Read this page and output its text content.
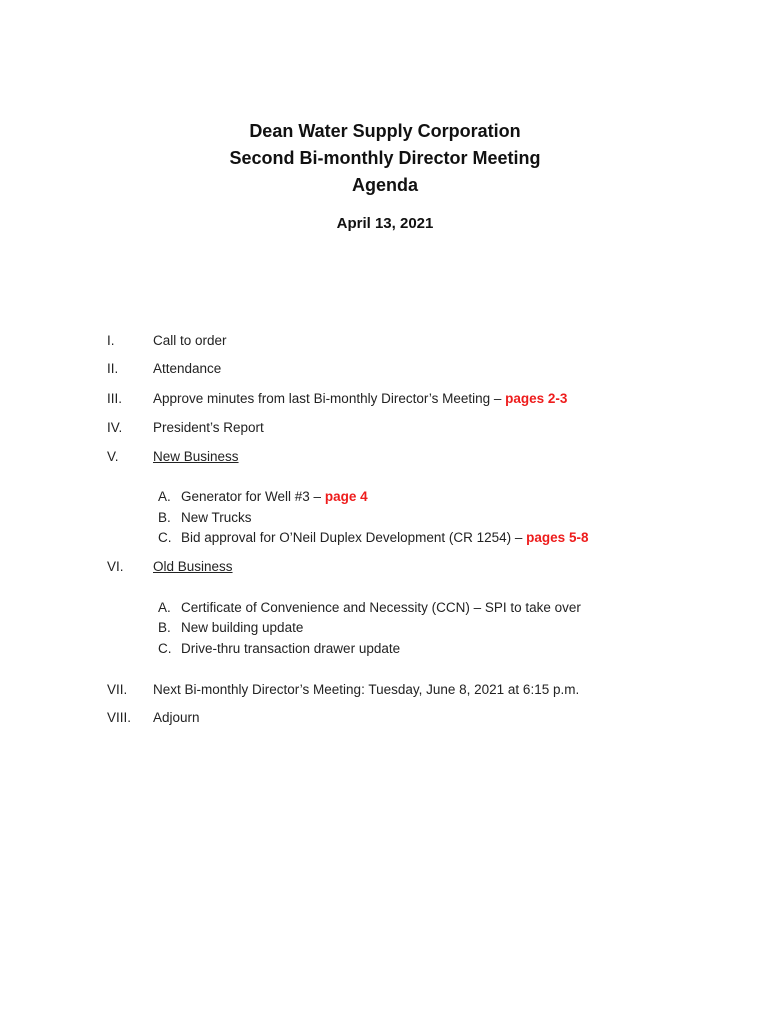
Dean Water Supply Corporation
Second Bi-monthly Director Meeting
Agenda
April 13, 2021
I.	Call to order
II.	Attendance
III. Approve minutes from last Bi-monthly Director’s Meeting – pages 2-3
IV. President’s Report
V.	New Business
A. Generator for Well #3 – page 4
B. New Trucks
C. Bid approval for O’Neil Duplex Development (CR 1254) – pages 5-8
VI. Old Business
A. Certificate of Convenience and Necessity (CCN) – SPI to take over
B. New building update
C. Drive-thru transaction drawer update
VII. Next Bi-monthly Director’s Meeting: Tuesday, June 8, 2021 at 6:15 p.m.
VIII. Adjourn
